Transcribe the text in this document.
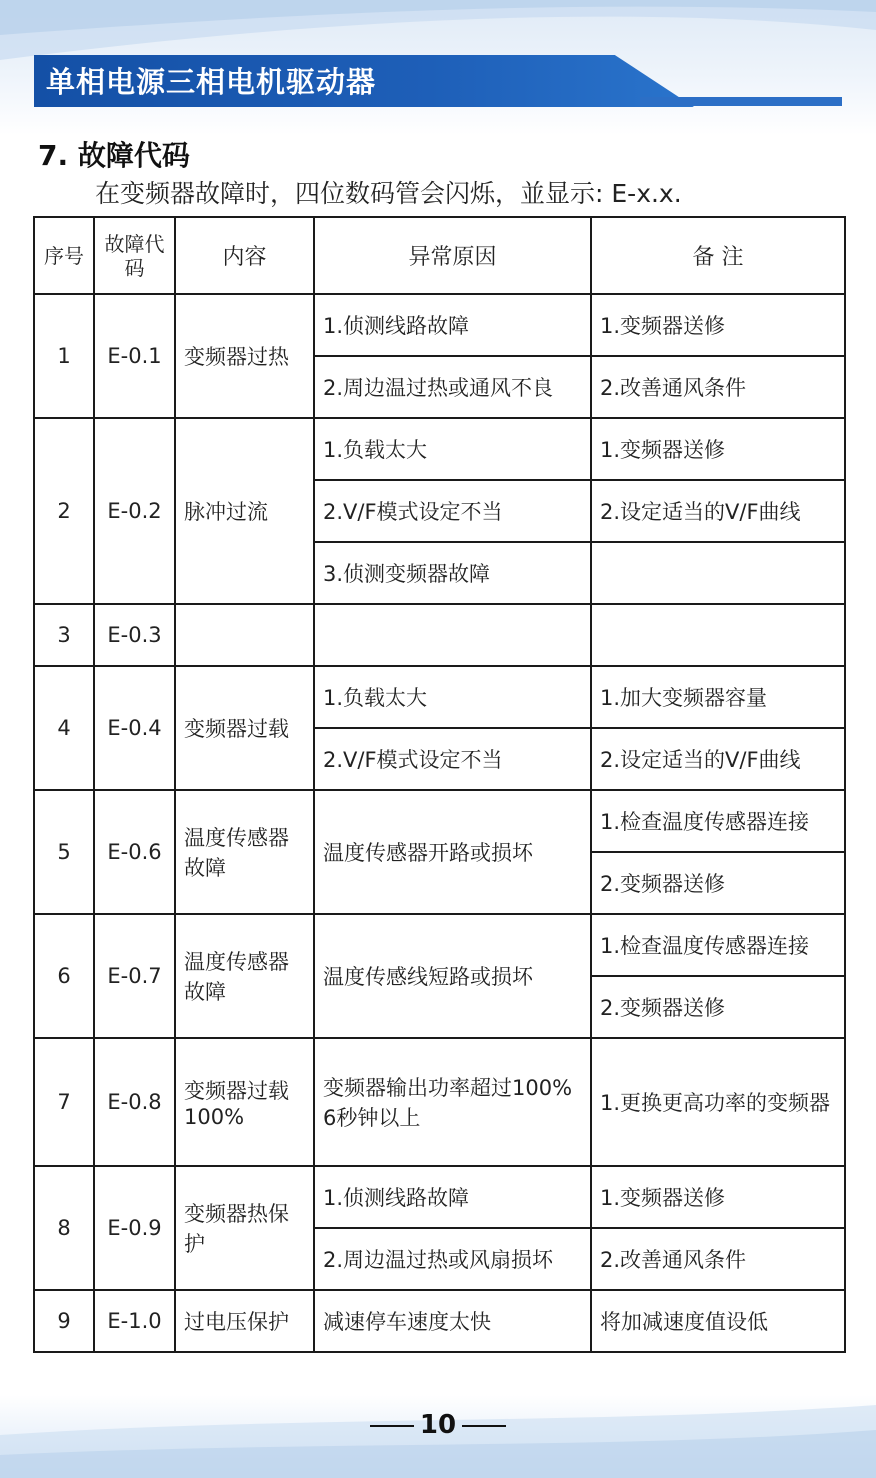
单相电源三相电机驱动器
7. 故障代码
在变频器故障时，四位数码管会闪烁，並显示: E-x.x.
序号	故障代码	内容	异常原因	备 注
1	E-0.1	变频器过热	1.侦测线路故障	1.变频器送修
			2.周边温过热或通风不良	2.改善通风条件
2	E-0.2	脉冲过流	1.负载太大	1.变频器送修
			2.V/F模式设定不当	2.设定适当的V/F曲线
			3.侦测变频器故障	
3	E-0.3			
4	E-0.4	变频器过载	1.负载太大	1.加大变频器容量
			2.V/F模式设定不当	2.设定适当的V/F曲线
5	E-0.6	温度传感器故障	温度传感器开路或损坏	1.检查温度传感器连接
				2.变频器送修
6	E-0.7	温度传感器故障	温度传感线短路或损坏	1.检查温度传感器连接
				2.变频器送修
7	E-0.8	变频器过载100%	变频器输出功率超过100% 6秒钟以上	1.更换更高功率的变频器
8	E-0.9	变频器热保护	1.侦测线路故障	1.变频器送修
			2.周边温过热或风扇损坏	2.改善通风条件
9	E-1.0	过电压保护	减速停车速度太快	将加减速度值设低
10
